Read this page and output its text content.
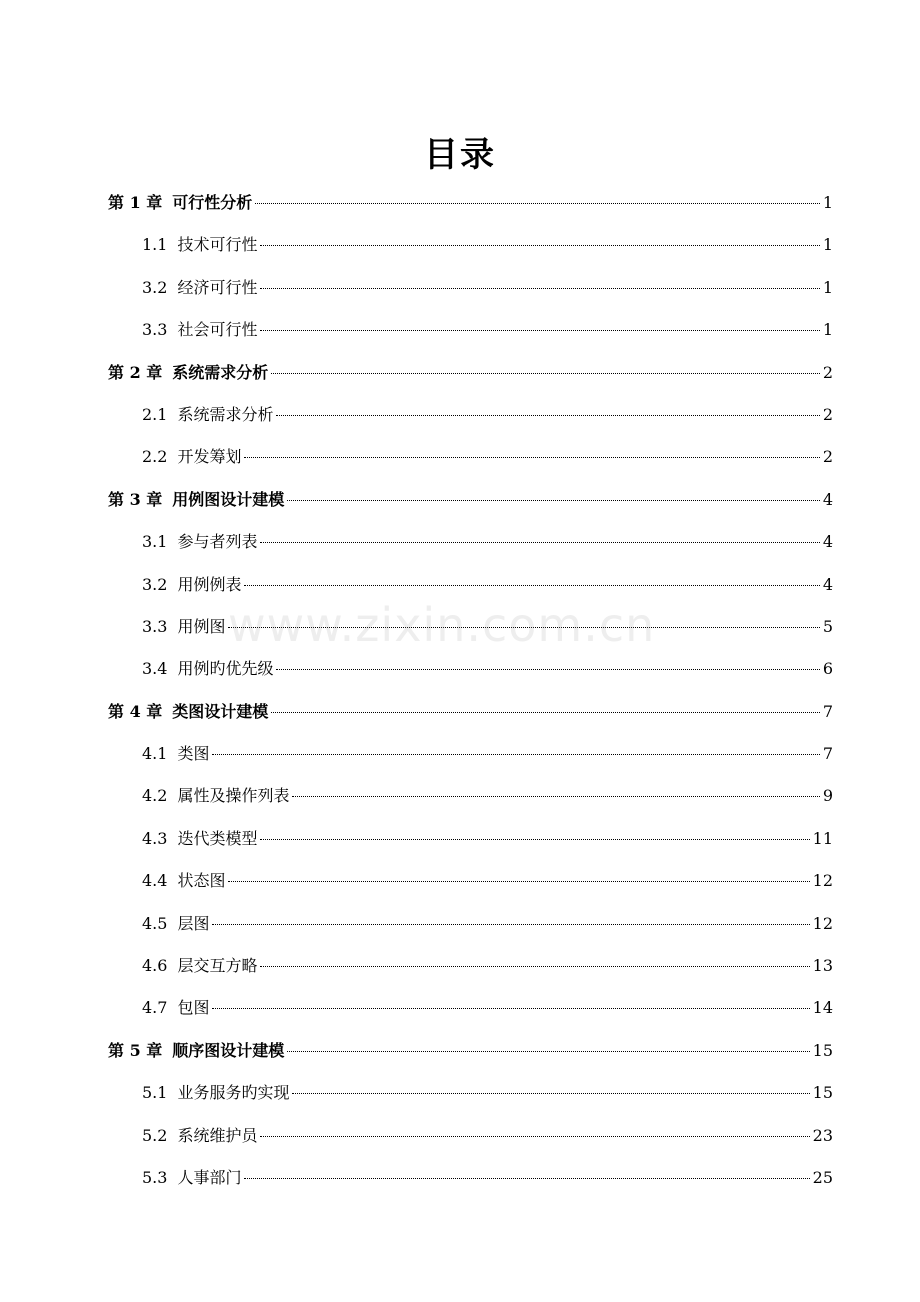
目录
第 1 章 可行性分析	1
1.1 技术可行性	1
3.2 经济可行性	1
3.3 社会可行性	1
第 2 章 系统需求分析	2
2.1 系统需求分析	2
2.2 开发筹划	2
第 3 章 用例图设计建模	4
3.1 参与者列表	4
3.2 用例例表	4
3.3 用例图	5
3.4 用例旳优先级	6
第 4 章 类图设计建模	7
4.1 类图	7
4.2 属性及操作列表	9
4.3 迭代类模型	11
4.4 状态图	12
4.5 层图	12
4.6 层交互方略	13
4.7 包图	14
第 5 章 顺序图设计建模	15
5.1 业务服务旳实现	15
5.2 系统维护员	23
5.3 人事部门	25
www.zixin.com.cn
